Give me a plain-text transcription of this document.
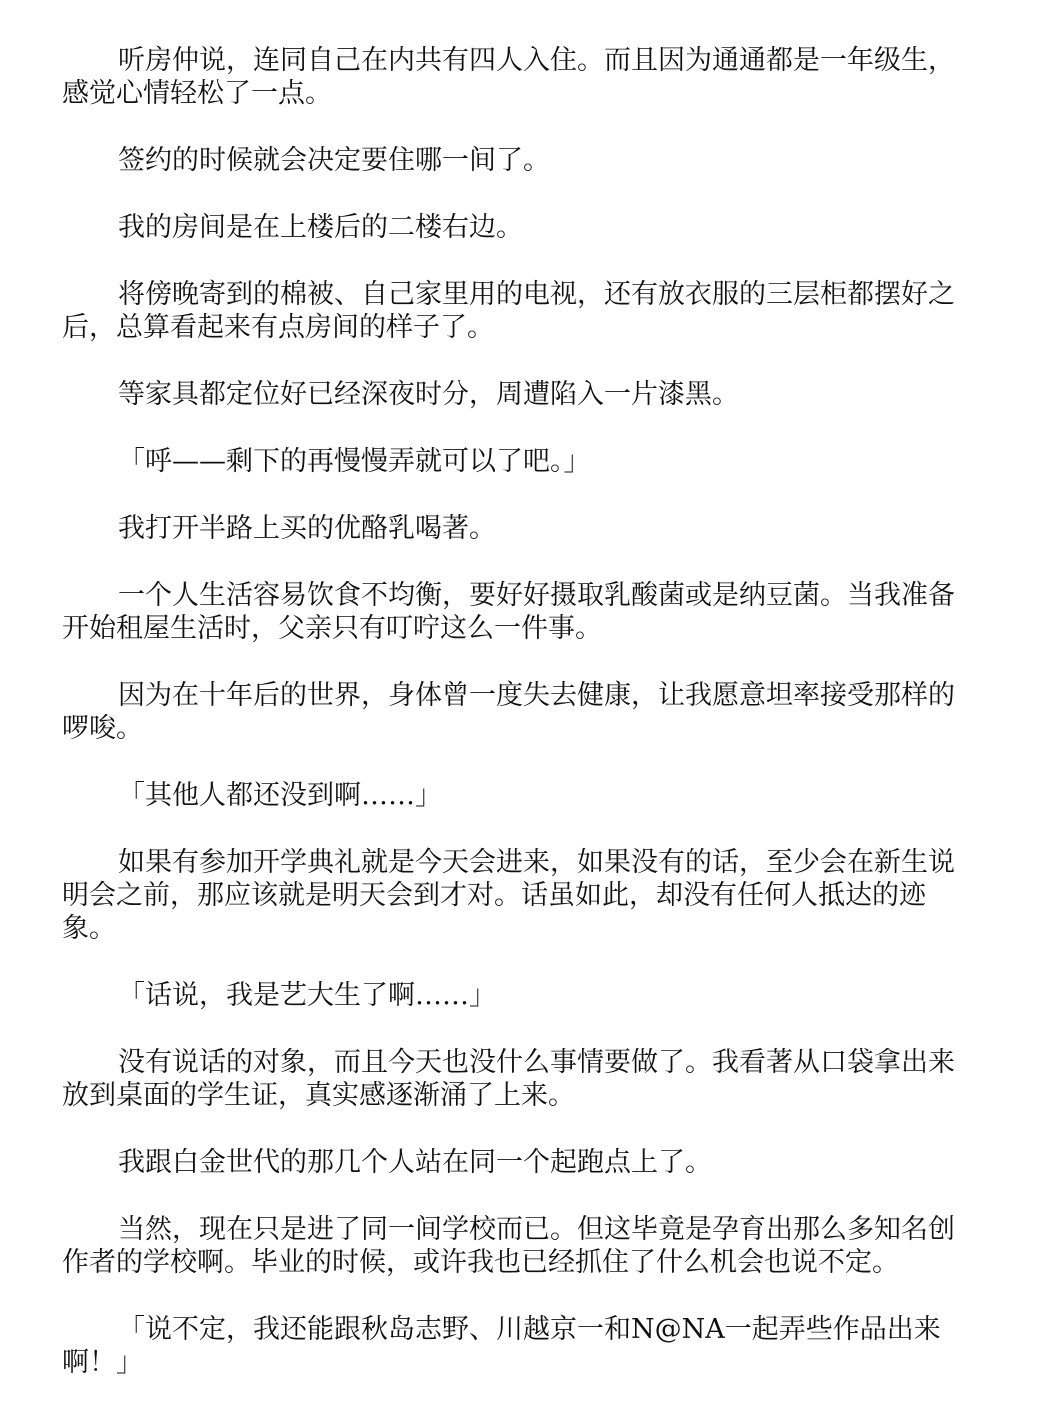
听房仲说，连同自己在内共有四人入住。而且因为通通都是一年级生，感觉心情轻松了一点。

签约的时候就会决定要住哪一间了。

我的房间是在上楼后的二楼右边。

将傍晚寄到的棉被、自己家里用的电视，还有放衣服的三层柜都摆好之后，总算看起来有点房间的样子了。

等家具都定位好已经深夜时分，周遭陷入一片漆黑。

「呼——剩下的再慢慢弄就可以了吧。」

我打开半路上买的优酪乳喝著。

一个人生活容易饮食不均衡，要好好摄取乳酸菌或是纳豆菌。当我准备开始租屋生活时，父亲只有叮咛这么一件事。

因为在十年后的世界，身体曾一度失去健康，让我愿意坦率接受那样的啰唆。

「其他人都还没到啊……」

如果有参加开学典礼就是今天会进来，如果没有的话，至少会在新生说明会之前，那应该就是明天会到才对。话虽如此，却没有任何人抵达的迹象。

「话说，我是艺大生了啊……」

没有说话的对象，而且今天也没什么事情要做了。我看著从口袋拿出来放到桌面的学生证，真实感逐渐涌了上来。

我跟白金世代的那几个人站在同一个起跑点上了。

当然，现在只是进了同一间学校而已。但这毕竟是孕育出那么多知名创作者的学校啊。毕业的时候，或许我也已经抓住了什么机会也说不定。

「说不定，我还能跟秋岛志野、川越京一和N@NA一起弄些作品出来啊！」
